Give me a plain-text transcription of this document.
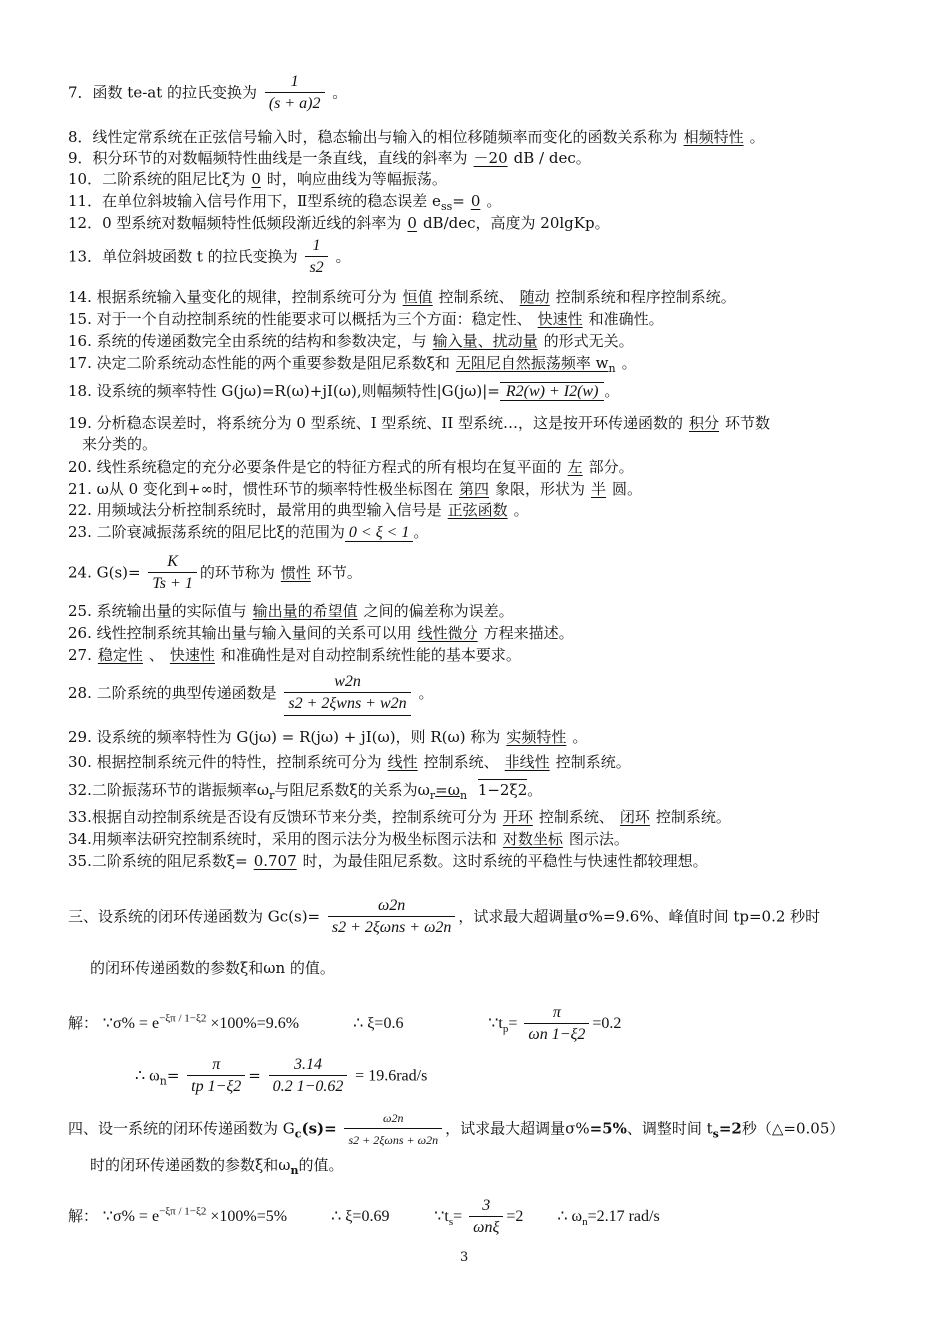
7．函数 te-at 的拉氏变换为 $\frac{1}{(s + a)2}$ 。
8．线性定常系统在正弦信号输入时，稳态输出与输入的相位移随频率而变化的函数关系称为 相频特性 。
9．积分环节的对数幅频特性曲线是一条直线，直线的斜率为 －20 dB / dec。
10．二阶系统的阻尼比ξ为 0 时，响应曲线为等幅振荡。
11．在单位斜坡输入信号作用下，Ⅱ型系统的稳态误差 $e_{ss}= 0$ 。
12．0 型系统对数幅频特性低频段渐近线的斜率为 0 dB/dec，高度为 20lgKp。
13．单位斜坡函数 t 的拉氏变换为 $\frac{1}{s2}$ 。
14. 根据系统输入量变化的规律，控制系统可分为 恒值 控制系统、 随动 控制系统和程序控制系统。
15. 对于一个自动控制系统的性能要求可以概括为三个方面：稳定性、 快速性 和准确性。
16. 系统的传递函数完全由系统的结构和参数决定，与 输入量、扰动量 的形式无关。
17. 决定二阶系统动态性能的两个重要参数是阻尼系数ξ和 无阻尼自然振荡频率 $w_n$ 。
18. 设系统的频率特性 G(jω)=R(ω)+jI(ω),则幅频特性|G(jω)|= R2(w) + I2(w) 。
19. 分析稳态误差时，将系统分为 0 型系统、I 型系统、II 型系统…，这是按开环传递函数的 积分 环节数
来分类的。
20. 线性系统稳定的充分必要条件是它的特征方程式的所有根均在复平面的 左 部分。
21. ω从 0 变化到+∞时，惯性环节的频率特性极坐标图在 第四 象限，形状为 半 圆。
22. 用频域法分析控制系统时，最常用的典型输入信号是 正弦函数 。
23. 二阶衰减振荡系统的阻尼比ξ的范围为 0 < ξ < 1 。
24. $G(s)= \frac{K}{Ts + 1}$ 的环节称为 惯性 环节。
25. 系统输出量的实际值与 输出量的希望值 之间的偏差称为误差。
26. 线性控制系统其输出量与输入量间的关系可以用 线性微分 方程来描述。
27. 稳定性 、 快速性 和准确性是对自动控制系统性能的基本要求。
28. 二阶系统的典型传递函数是 $\frac{w2n}{\text{s2 + 2ξwns + w2n}}$ 。
29. 设系统的频率特性为 G(jω) = R(jω) + jI(ω)，则 R(ω) 称为 实频特性 。
30. 根据控制系统元件的特性，控制系统可分为 线性 控制系统、 非线性 控制系统。
32.二阶振荡环节的谐振频率$\omega_r$与阻尼系数ξ的关系为$\omega_r=\omega_n$ 1−2ξ2。
33.根据自动控制系统是否设有反馈环节来分类，控制系统可分为 开环 控制系统、 闭环 控制系统。
34.用频率法研究控制系统时，采用的图示法分为极坐标图示法和 对数坐标 图示法。
35.二阶系统的阻尼系数ξ= 0.707 时，为最佳阻尼系数。这时系统的平稳性与快速性都较理想。
三、设系统的闭环传递函数为 $Gc(s)= \frac{\omega 2n}{\text{s2 + 2ξωns + ω2n}}$ ，试求最大超调量σ%=9.6%、峰值时间 tp=0.2 秒时
的闭环传递函数的参数ξ和ωn 的值。
解： ∵σ% = $e^{-\xi\pi / 1-\xi 2} \times 100\%=9.6\%$	∴ ξ=0.6	$\because t_p= \frac{\pi}{\omega n 1-\xi 2} =0.2$
∴ $\omega_n= \frac{\pi}{tp 1-\xi 2} = \frac{3.14}{0.2 1-0.62} = 19.6rad/s$
四、设一系统的闭环传递函数为 $G_c(s)= \frac{\omega 2n}{\text{s2 + 2ξωns + ω2n}}$ ，试求最大超调量σ%=5%、调整时间 $t_s=2$秒（△=0.05）
时的闭环传递函数的参数ξ和$\omega_n$的值。
解： ∵σ% = $e^{-\xi\pi / 1-\xi 2} \times 100\%=5\%$	∴ ξ=0.69	$\because t_s= \frac{3}{\text{ωnξ}} =2$ ∴ $\omega_n=2.17$ rad/s
3
